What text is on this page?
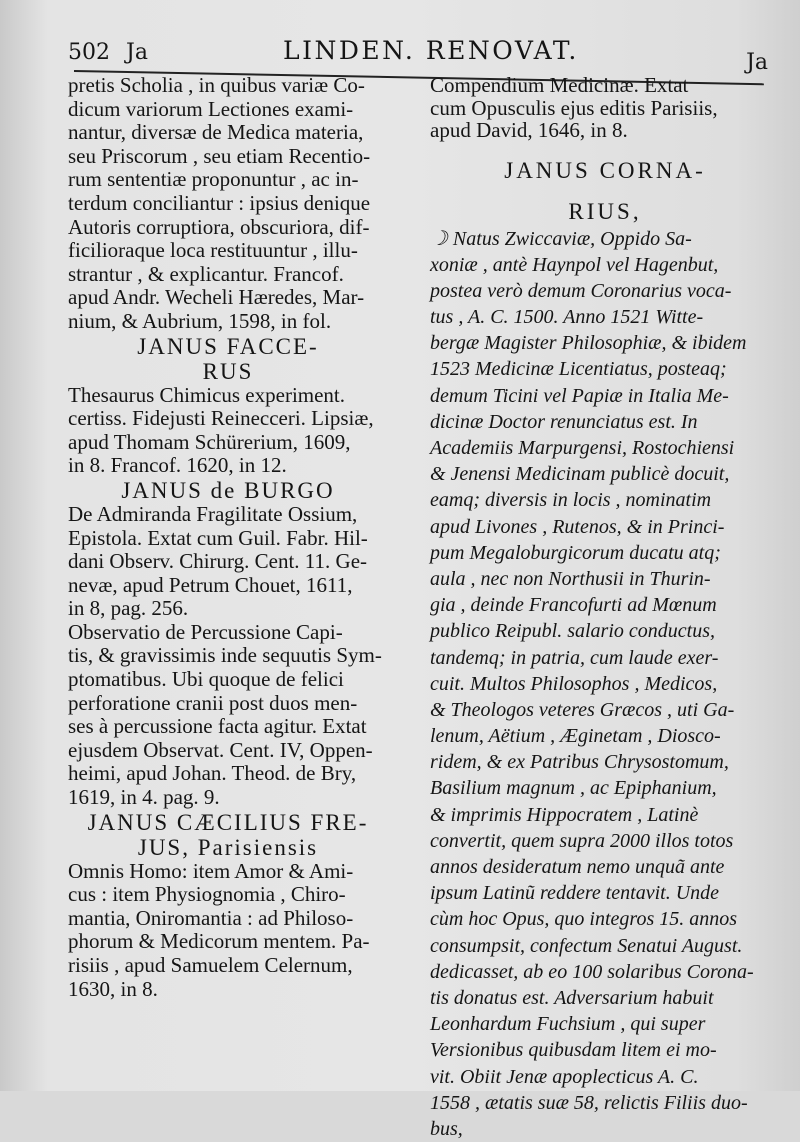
502 Ja	LINDEN. RENOVAT.	Ja
pretis Scholia , in quibus variæ Co-
dicum variorum Lectiones exami-
nantur, diversæ de Medica materia,
seu Priscorum , seu etiam Recentio-
rum sententiæ proponuntur , ac in-
terdum conciliantur : ipsius denique
Autoris corruptiora, obscuriora, dif-
ficilioraque loca restituuntur , illu-
strantur , & explicantur. Francof.
apud Andr. Wecheli Hæredes, Mar-
nium, & Aubrium, 1598, in fol.
JANUS FACCE-
RUS
Thesaurus Chimicus experiment.
certiss. Fidejusti Reinecceri. Lipsiæ,
apud Thomam Schürerium, 1609,
in 8. Francof. 1620, in 12.
JANUS de BURGO
De Admiranda Fragilitate Ossium,
Epistola. Extat cum Guil. Fabr. Hil-
dani Observ. Chirurg. Cent. 11. Ge-
nevæ, apud Petrum Chouet, 1611,
in 8, pag. 256.
Observatio de Percussione Capi-
tis, & gravissimis inde sequutis Sym-
ptomatibus. Ubi quoque de felici
perforatione cranii post duos men-
ses à percussione facta agitur. Extat
ejusdem Observat. Cent. IV, Oppen-
heimi, apud Johan. Theod. de Bry,
1619, in 4. pag. 9.
JANUS CÆCILIUS FRE-
JUS, Parisiensis
Omnis Homo: item Amor & Ami-
cus : item Physiognomia , Chiro-
mantia, Oniromantia : ad Philoso-
phorum & Medicorum mentem. Pa-
risiis , apud Samuelem Celernum,
1630, in 8.
Compendium Medicinæ. Extat
cum Opusculis ejus editis Parisiis,
apud David, 1646, in 8.
JANUS CORNA-
RIUS,
☽ Natus Zwiccaviæ, Oppido Sa-
xoniæ , antè Haynpol vel Hagenbut,
postea verò demum Coronarius voca-
tus , A. C. 1500. Anno 1521 Witte-
bergæ Magister Philosophiæ, & ibidem
1523 Medicinæ Licentiatus, posteaq;
demum Ticini vel Papiæ in Italia Me-
dicinæ Doctor renunciatus est. In
Academiis Marpurgensi, Rostochiensi
& Jenensi Medicinam publicè docuit,
eamq; diversis in locis , nominatim
apud Livones , Rutenos, & in Princi-
pum Megaloburgicorum ducatu atq;
aula , nec non Northusii in Thurin-
gia , deinde Francofurti ad Mœnum
publico Reipubl. salario conductus,
tandemq; in patria, cum laude exer-
cuit. Multos Philosophos , Medicos,
& Theologos veteres Græcos , uti Ga-
lenum, Aëtium , Æginetam , Diosco-
ridem, & ex Patribus Chrysostomum,
Basilium magnum , ac Epiphanium,
& imprimis Hippocratem , Latinè
convertit, quem supra 2000 illos totos
annos desideratum nemo unquã ante
ipsum Latinũ reddere tentavit. Unde
cùm hoc Opus, quo integros 15. annos
consumpsit, confectum Senatui August.
dedicasset, ab eo 100 solaribus Corona-
tis donatus est. Adversarium habuit
Leonhardum Fuchsium , qui super
Versionibus quibusdam litem ei mo-
vit. Obiit Jenæ apoplecticus A. C.
1558 , ætatis suæ 58, relictis Filiis duo-
bus,
